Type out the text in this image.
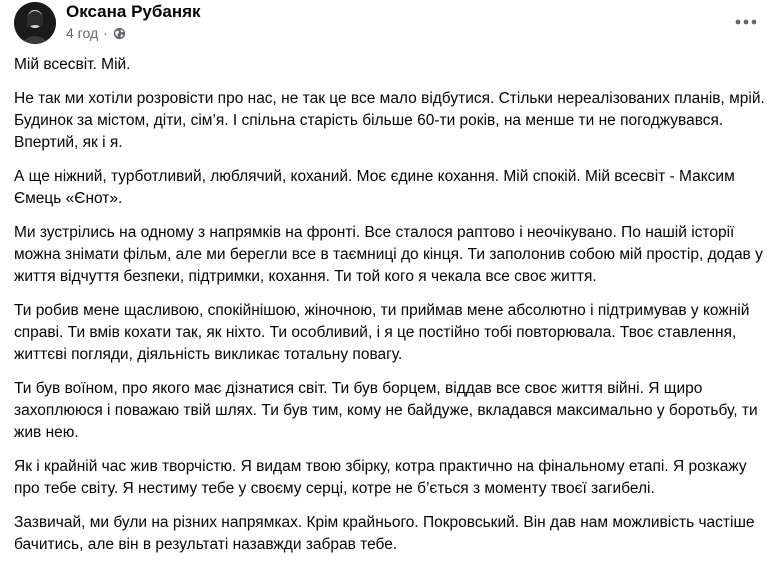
Оксана Рубаняк
4 год ·

Мій всесвіт. Мій.

Не так ми хотіли розровісти про нас, не так це все мало відбутися. Стільки нереалізованих планів, мрій. Будинок за містом, діти, сім’я. І спільна старість більше 60-ти років, на менше ти не погоджувався. Впертий, як і я.

А ще ніжний, турботливий, люблячий, коханий. Моє єдине кохання. Мій спокій. Мій всесвіт - Максим Ємець «Єнот».

Ми зустрілись на одному з напрямків на фронті. Все сталося раптово і неочікувано. По нашій історії можна знімати фільм, але ми берегли все в таємниці до кінця. Ти заполонив собою мій простір, додав у життя відчуття безпеки, підтримки, кохання. Ти той кого я чекала все своє життя.

Ти робив мене щасливою, спокійнішою, жіночною, ти приймав мене абсолютно і підтримував у кожній справі. Ти вмів кохати так, як ніхто. Ти особливий, і я це постійно тобі повторювала. Твоє ставлення, життєві погляди, діяльність викликає тотальну повагу.

Ти був воїном, про якого має дізнатися світ. Ти був борцем, віддав все своє життя війні. Я щиро захоплююся і поважаю твій шлях. Ти був тим, кому не байдуже, вкладався максимально у боротьбу, ти жив нею.

Як і крайній час жив творчістю. Я видам твою збірку, котра практично на фінальному етапі. Я розкажу про тебе світу. Я нестиму тебе у своєму серці, котре не б’ється з моменту твоєї загибелі.

Зазвичай, ми були на різних напрямках. Крім крайнього. Покровський. Він дав нам можливість частіше бачитись, але він в результаті назавжди забрав тебе.
